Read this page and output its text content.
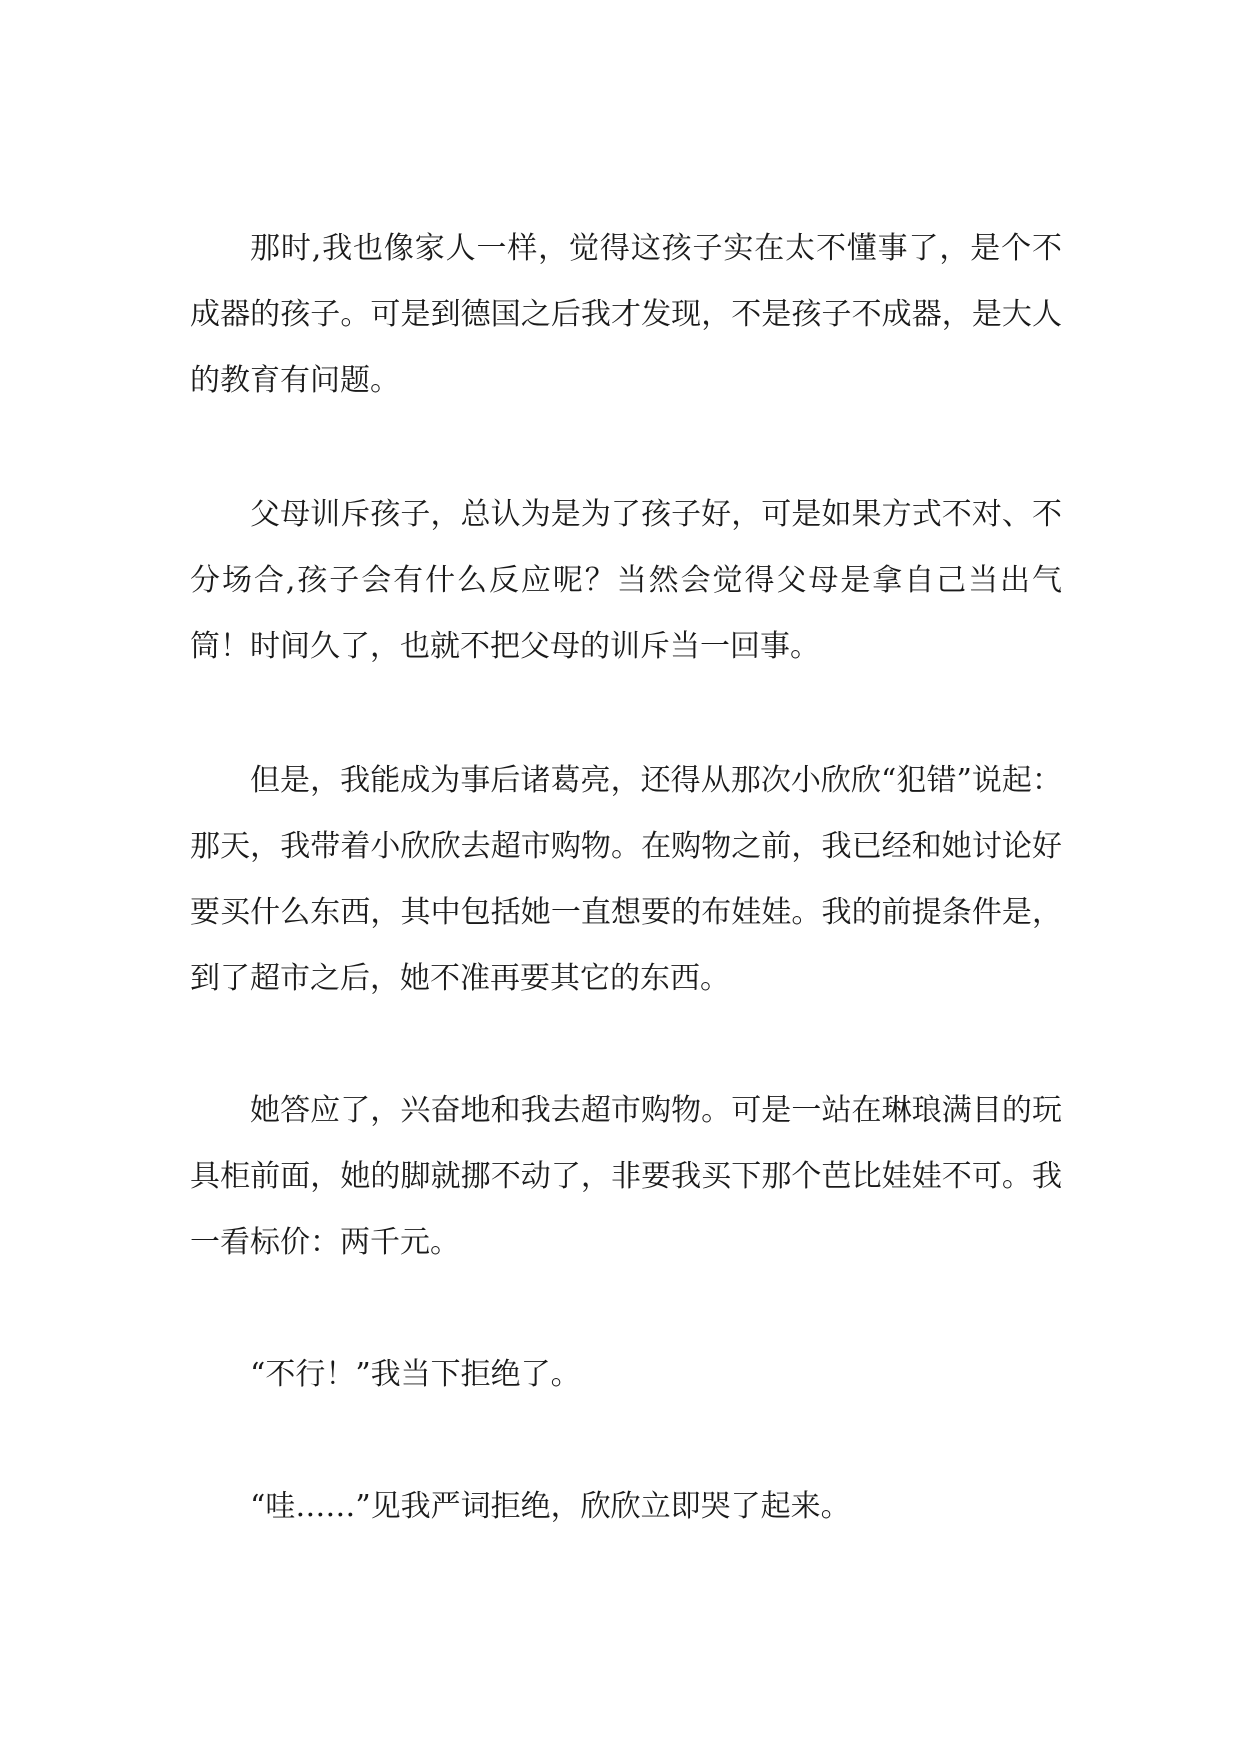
那时,我也像家人一样，觉得这孩子实在太不懂事了，是个不成器的孩子。可是到德国之后我才发现，不是孩子不成器，是大人的教育有问题。

父母训斥孩子，总认为是为了孩子好，可是如果方式不对、不分场合,孩子会有什么反应呢？当然会觉得父母是拿自己当出气筒！时间久了，也就不把父母的训斥当一回事。

但是，我能成为事后诸葛亮，还得从那次小欣欣“犯错”说起：那天，我带着小欣欣去超市购物。在购物之前，我已经和她讨论好要买什么东西，其中包括她一直想要的布娃娃。我的前提条件是，到了超市之后，她不准再要其它的东西。

她答应了，兴奋地和我去超市购物。可是一站在琳琅满目的玩具柜前面，她的脚就挪不动了，非要我买下那个芭比娃娃不可。我一看标价：两千元。

“不行！”我当下拒绝了。

“哇……”见我严词拒绝，欣欣立即哭了起来。
